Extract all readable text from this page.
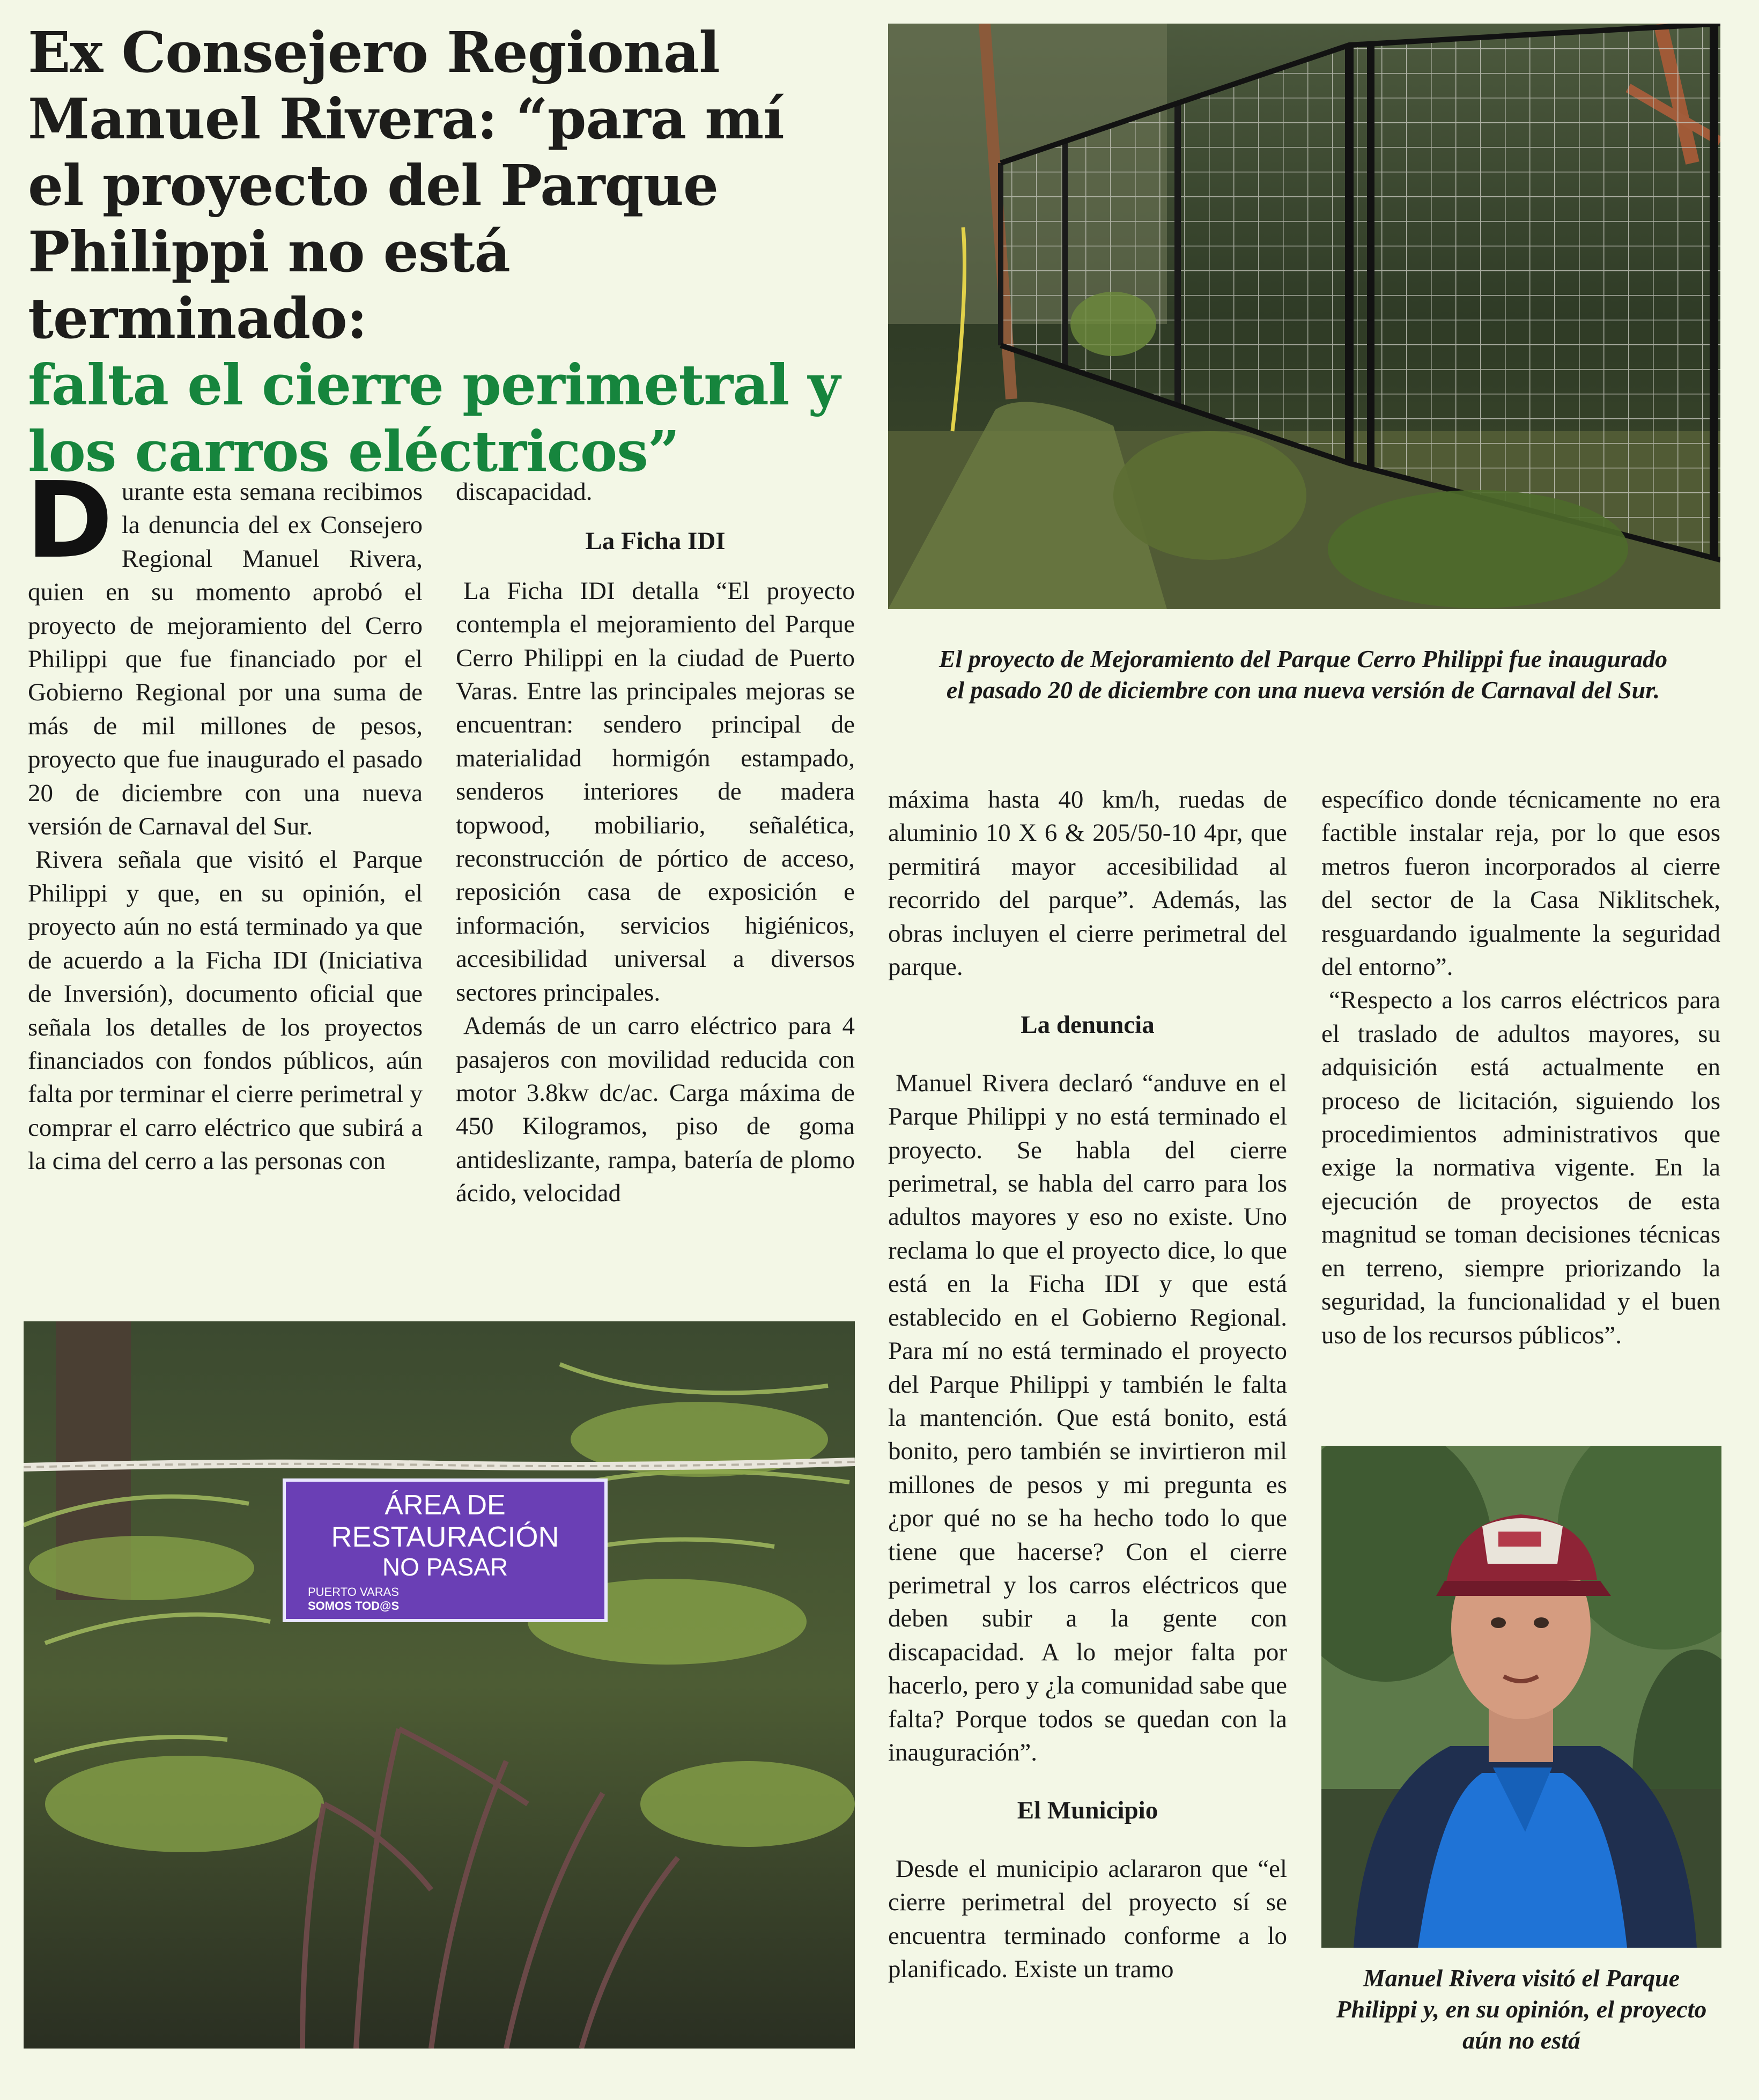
Ex Consejero Regional
Manuel Rivera: “para mí
el proyecto del Parque
Philippi no está terminado:
falta el cierre perimetral y
los carros eléctricos”
El proyecto de Mejoramiento del Parque Cerro Philippi fue inaugurado el pasado 20 de diciembre con una nueva versión de Carnaval del Sur.
D urante esta semana recibimos la denuncia del ex Consejero Regional Manuel Rivera, quien en su momento aprobó el proyecto de mejoramiento del Cerro Philippi que fue financiado por el Gobierno Regional por una suma de más de mil millones de pesos, proyecto que fue inaugurado el pasado 20 de diciembre con una nueva versión de Carnaval del Sur.

Rivera señala que visitó el Parque Philippi y que, en su opinión, el proyecto aún no está terminado ya que de acuerdo a la Ficha IDI (Iniciativa de Inversión), documento oficial que señala los detalles de los proyectos financiados con fondos públicos, aún falta por terminar el cierre perimetral y comprar el carro eléctrico que subirá a la cima del cerro a las personas con

discapacidad.

La Ficha IDI

La Ficha IDI detalla “El proyecto contempla el mejoramiento del Parque Cerro Philippi en la ciudad de Puerto Varas. Entre las principales mejoras se encuentran: sendero principal de materialidad hormigón estampado, senderos interiores de madera topwood, mobiliario, señalética, reconstrucción de pórtico de acceso, reposición casa de exposición e información, servicios higiénicos, accesibilidad universal a diversos sectores principales.

Además de un carro eléctrico para 4 pasajeros con movilidad reducida con motor 3.8kw dc/ac. Carga máxima de 450 Kilogramos, piso de goma antideslizante, rampa, batería de plomo ácido, velocidad

máxima hasta 40 km/h, ruedas de aluminio 10 X 6 & 205/50-10 4pr, que permitirá mayor accesibilidad al recorrido del parque”. Además, las obras incluyen el cierre perimetral del parque.

La denuncia

Manuel Rivera declaró “anduve en el Parque Philippi y no está terminado el proyecto. Se habla del cierre perimetral, se habla del carro para los adultos mayores y eso no existe. Uno reclama lo que el proyecto dice, lo que está en la Ficha IDI y que está establecido en el Gobierno Regional. Para mí no está terminado el proyecto del Parque Philippi y también le falta la mantención. Que está bonito, está bonito, pero también se invirtieron mil millones de pesos y mi pregunta es ¿por qué no se ha hecho todo lo que tiene que hacerse? Con el cierre perimetral y los carros eléctricos que deben subir a la gente con discapacidad. A lo mejor falta por hacerlo, pero y ¿la comunidad sabe que falta? Porque todos se quedan con la inauguración”.

El Municipio

Desde el municipio aclararon que “el cierre perimetral del proyecto sí se encuentra terminado conforme a lo planificado. Existe un tramo

específico donde técnicamente no era factible instalar reja, por lo que esos metros fueron incorporados al cierre del sector de la Casa Niklitschek, resguardando igualmente la seguridad del entorno”.

“Respecto a los carros eléctricos para el traslado de adultos mayores, su adquisición está actualmente en proceso de licitación, siguiendo los procedimientos administrativos que exige la normativa vigente. En la ejecución de proyectos de esta magnitud se toman decisiones técnicas en terreno, siempre priorizando la seguridad, la funcionalidad y el buen uso de los recursos públicos”.

ÁREA DE
RESTAURACIÓN
NO PASAR
PUERTO VARAS
SOMOS TOD@S
Manuel Rivera visitó el Parque Philippi y, en su opinión, el proyecto aún no está
